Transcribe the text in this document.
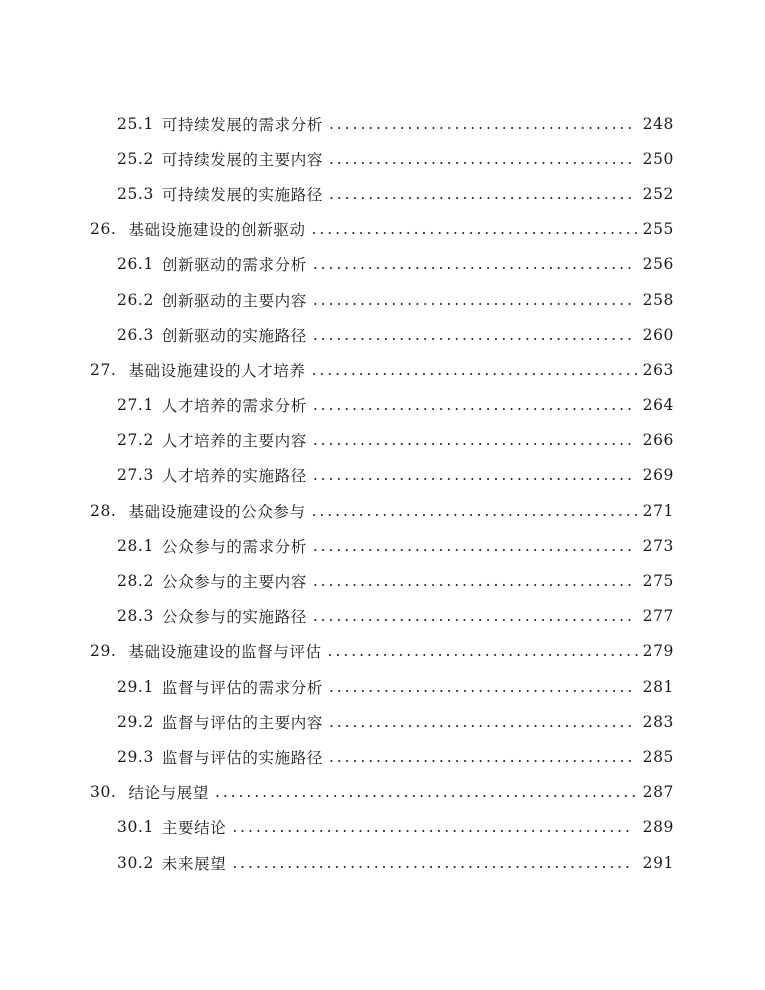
25.1 可持续发展的需求分析 . . .	248
25.2 可持续发展的主要内容 . . .	250
25.3 可持续发展的实施路径 . . .	252
26. 基础设施建设的创新驱动 . . .	255
26.1 创新驱动的需求分析 . . .	256
26.2 创新驱动的主要内容 . . .	258
26.3 创新驱动的实施路径 . . .	260
27. 基础设施建设的人才培养 . . .	263
27.1 人才培养的需求分析 . . .	264
27.2 人才培养的主要内容 . . .	266
27.3 人才培养的实施路径 . . .	269
28. 基础设施建设的公众参与 . . .	271
28.1 公众参与的需求分析 . . .	273
28.2 公众参与的主要内容 . . .	275
28.3 公众参与的实施路径 . . .	277
29. 基础设施建设的监督与评估 . . .	279
29.1 监督与评估的需求分析 . . .	281
29.2 监督与评估的主要内容 . . .	283
29.3 监督与评估的实施路径 . . .	285
30. 结论与展望 . . .	287
30.1 主要结论 . . .	289
30.2 未来展望 . . .	291
